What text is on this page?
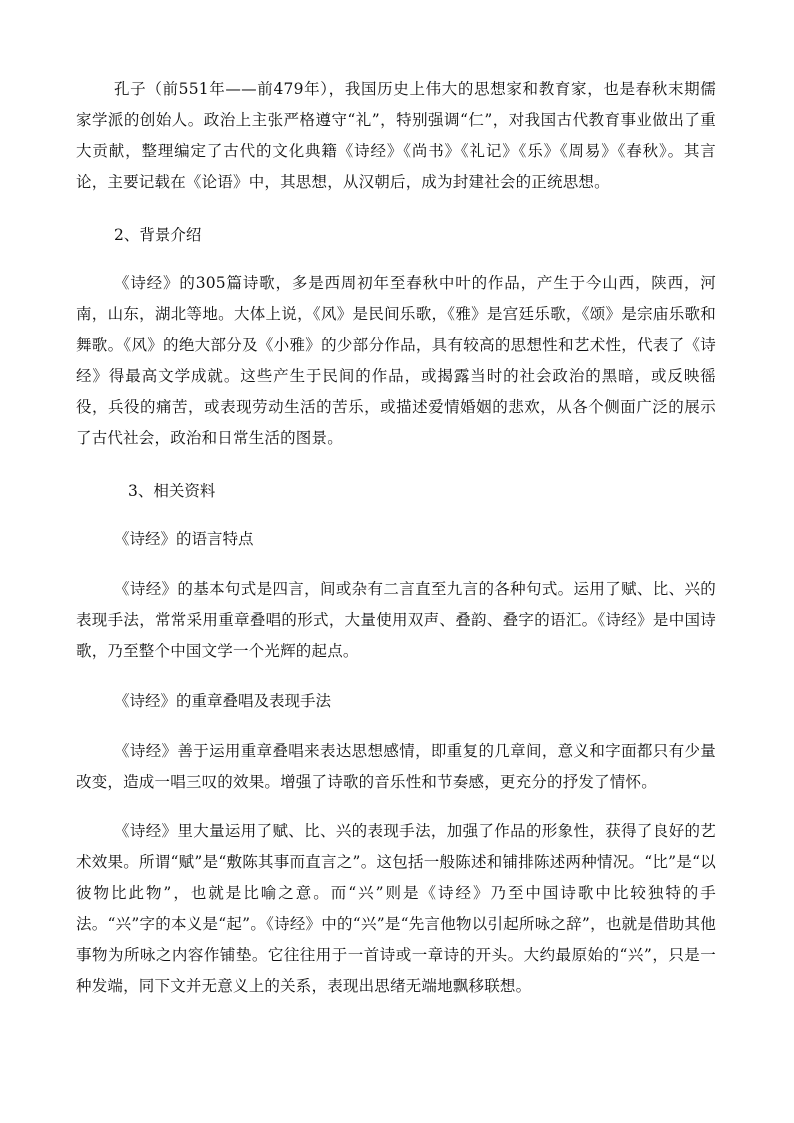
孔子（前551年——前479年），我国历史上伟大的思想家和教育家，也是春秋末期儒家学派的创始人。政治上主张严格遵守“礼”，特别强调“仁”，对我国古代教育事业做出了重大贡献，整理编定了古代的文化典籍《诗经》《尚书》《礼记》《乐》《周易》《春秋》。其言论，主要记载在《论语》中，其思想，从汉朝后，成为封建社会的正统思想。

2、背景介绍

《诗经》的305篇诗歌，多是西周初年至春秋中叶的作品，产生于今山西，陕西，河南，山东，湖北等地。大体上说，《风》是民间乐歌，《雅》是宫廷乐歌，《颂》是宗庙乐歌和舞歌。《风》的绝大部分及《小雅》的少部分作品，具有较高的思想性和艺术性，代表了《诗经》得最高文学成就。这些产生于民间的作品，或揭露当时的社会政治的黑暗，或反映徭役，兵役的痛苦，或表现劳动生活的苦乐，或描述爱情婚姻的悲欢，从各个侧面广泛的展示了古代社会，政治和日常生活的图景。

3、相关资料

《诗经》的语言特点

《诗经》的基本句式是四言，间或杂有二言直至九言的各种句式。运用了赋、比、兴的表现手法，常常采用重章叠唱的形式，大量使用双声、叠韵、叠字的语汇。《诗经》是中国诗歌，乃至整个中国文学一个光辉的起点。

《诗经》的重章叠唱及表现手法

《诗经》善于运用重章叠唱来表达思想感情，即重复的几章间，意义和字面都只有少量改变，造成一唱三叹的效果。增强了诗歌的音乐性和节奏感，更充分的抒发了情怀。

《诗经》里大量运用了赋、比、兴的表现手法，加强了作品的形象性，获得了良好的艺术效果。所谓“赋”是“敷陈其事而直言之”。这包括一般陈述和铺排陈述两种情况。“比”是“以彼物比此物”，也就是比喻之意。而“兴”则是《诗经》乃至中国诗歌中比较独特的手法。“兴”字的本义是“起”。《诗经》中的“兴”是“先言他物以引起所咏之辞”，也就是借助其他事物为所咏之内容作铺垫。它往往用于一首诗或一章诗的开头。大约最原始的“兴”，只是一种发端，同下文并无意义上的关系，表现出思绪无端地飘移联想。
